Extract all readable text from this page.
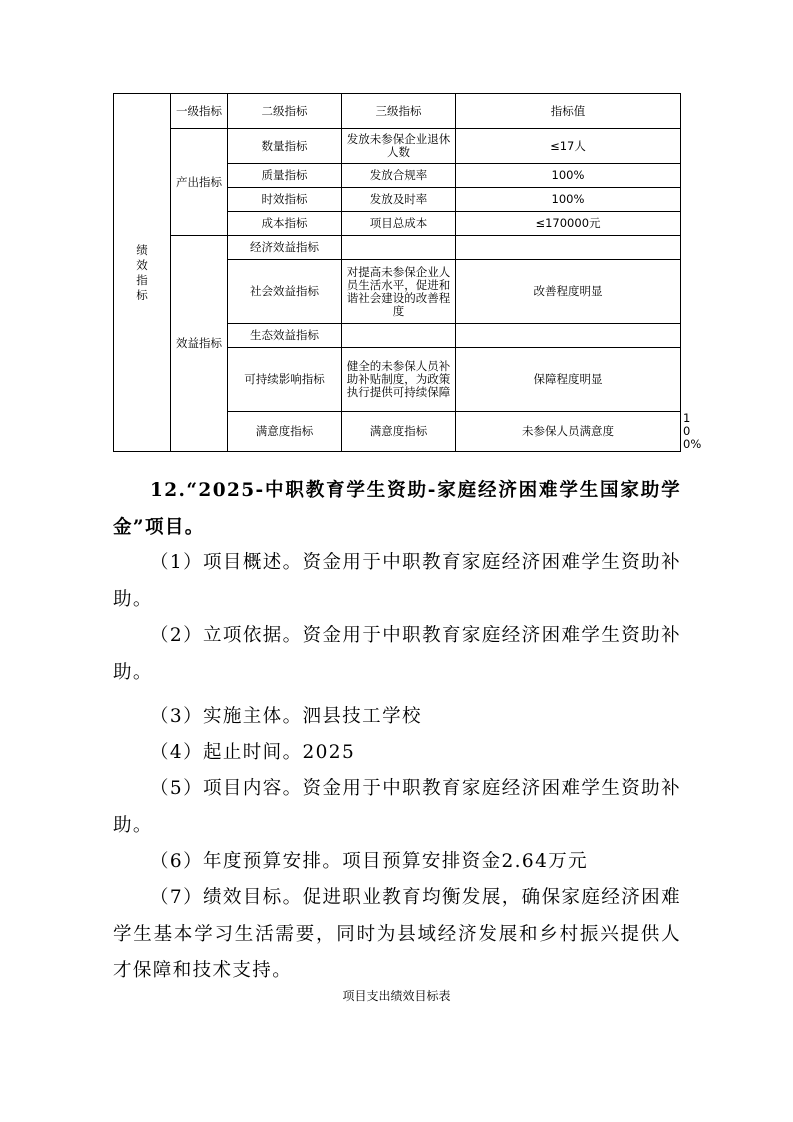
绩效指标	一级指标	二级指标	三级指标	指标值	
	产出指标	数量指标	发放未参保企业退休人数	≤17人	
		质量指标	发放合规率	100%	
		时效指标	发放及时率	100%	
		成本指标	项目总成本	≤170000元	
	效益指标	经济效益指标			
		社会效益指标	对提高未参保企业人员生活水平，促进和谐社会建设的改善程度	改善程度明显	
		生态效益指标			
		可持续影响指标	健全的未参保人员补助补贴制度，为政策执行提供可持续保障	保障程度明显	
		满意度指标	满意度指标	未参保人员满意度	100%

12.“2025-中职教育学生资助-家庭经济困难学生国家助学金”项目。

（1）项目概述。资金用于中职教育家庭经济困难学生资助补助。

（2）立项依据。资金用于中职教育家庭经济困难学生资助补助。

（3）实施主体。泗县技工学校

（4）起止时间。2025

（5）项目内容。资金用于中职教育家庭经济困难学生资助补助。

（6）年度预算安排。项目预算安排资金2.64万元

（7）绩效目标。促进职业教育均衡发展，确保家庭经济困难学生基本学习生活需要，同时为县域经济发展和乡村振兴提供人才保障和技术支持。

项目支出绩效目标表
